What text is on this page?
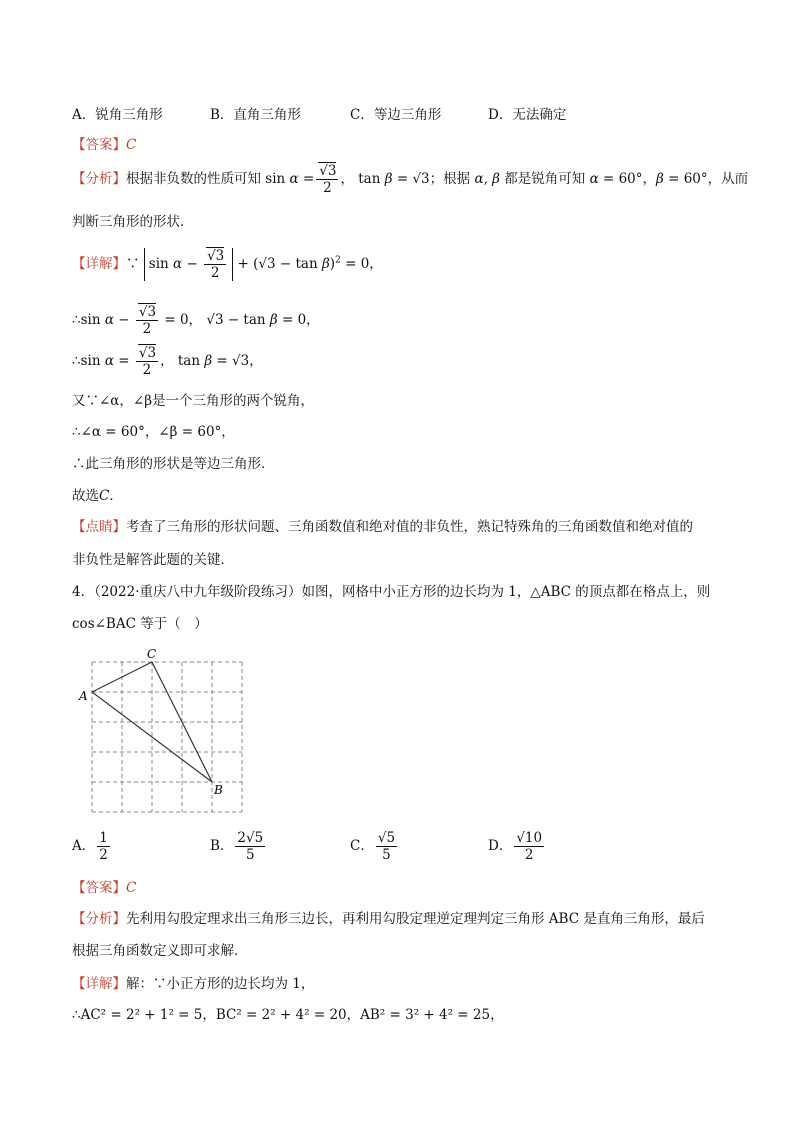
A．锐角三角形	B．直角三角形	C．等边三角形	D．无法确定
【答案】C
【分析】根据非负数的性质可知 $\sin \alpha = \frac{√3}{2}$ ， tan β = √3；根据 α, β 都是锐角可知 α = 60°，β = 60°，从而
判断三角形的形状．
【详解】∵ $\sin \alpha - \frac{√3}{2} + (√3 - \tan \beta)^2 = 0$，
∴sin $\alpha - \frac{√3}{2} = 0$， √3 − tan β = 0，
∴sin $\alpha = \frac{√3}{2}$ ， tan β = √3，
又∵∠α，∠β是一个三角形的两个锐角，
∴∠α = 60°，∠β = 60°，
∴此三角形的形状是等边三角形．
故选C．
【点睛】考查了三角形的形状问题、三角函数值和绝对值的非负性，熟记特殊角的三角函数值和绝对值的
非负性是解答此题的关键．
4．（2022·重庆八中九年级阶段练习）如图，网格中小正方形的边长均为 1，△ABC 的顶点都在格点上，则
cos∠BAC 等于（　）
A
B
C
A． $\frac{1}{2}$	B． $\frac{2√5}{5}$	C． $\frac{√5}{5}$	D． $\frac{√10}{2}$
【答案】C
【分析】先利用勾股定理求出三角形三边长，再利用勾股定理逆定理判定三角形 ABC 是直角三角形，最后
根据三角函数定义即可求解．
【详解】解：∵小正方形的边长均为 1，
∴AC² = 2² + 1² = 5，BC² = 2² + 4² = 20，AB² = 3² + 4² = 25，
